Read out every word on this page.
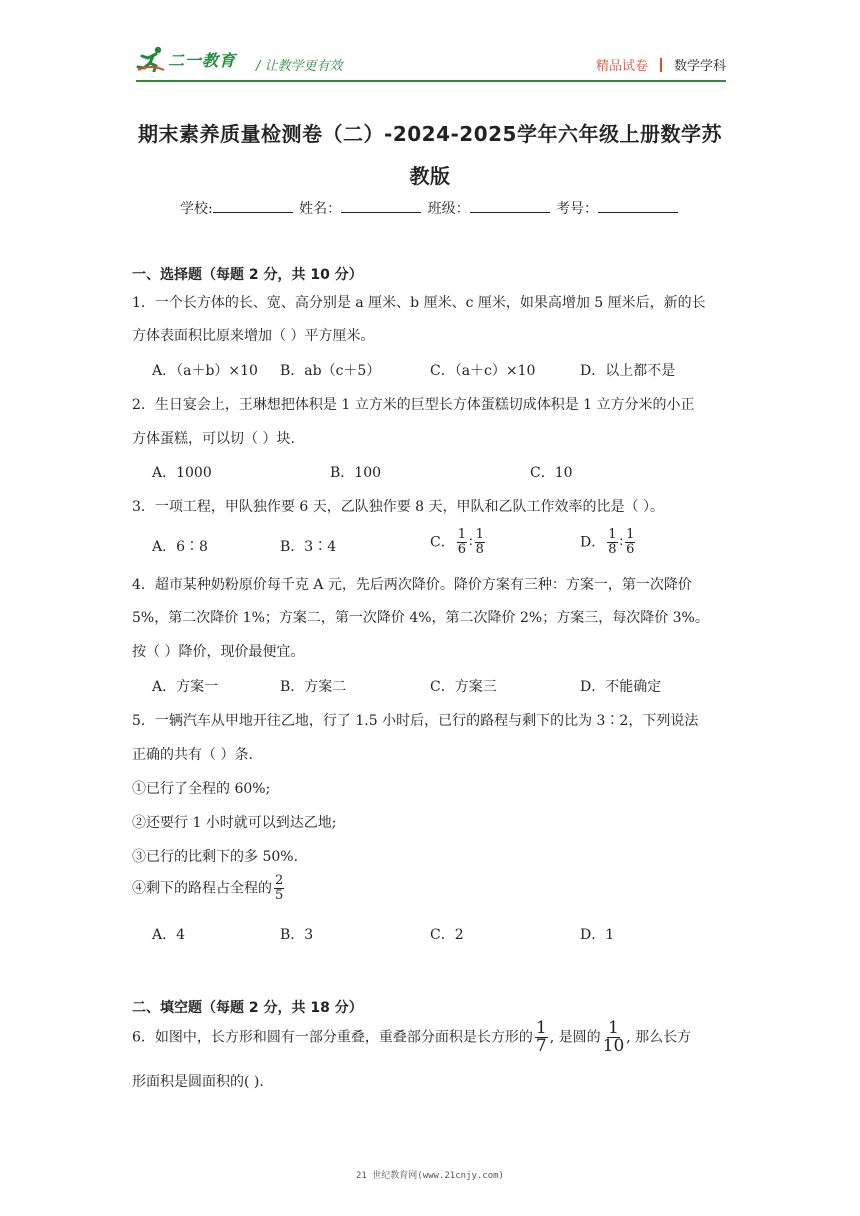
二一教育 / 让教学更有效	精品试卷 数学学科
期末素养质量检测卷（二）-2024-2025学年六年级上册数学苏
教版
学校:	姓名：	班级：	考号：
一、选择题（每题 2 分，共 10 分）
1．一个长方体的长、宽、高分别是 a 厘米、b 厘米、c 厘米，如果高增加 5 厘米后，新的长
方体表面积比原来增加（ ）平方厘米。
A．（a＋b）×10 B．ab（c＋5）	C．（a＋c）×10	D．以上都不是
2．生日宴会上，王琳想把体积是 1 立方米的巨型长方体蛋糕切成体积是 1 立方分米的小正
方体蛋糕，可以切（ ）块.
A．1000	B．100	C．10
3．一项工程，甲队独作要 6 天，乙队独作要 8 天，甲队和乙队工作效率的比是（ ）。
A．6∶8	B．3∶4	C． $\frac{1}{6}$ ∶ $\frac{1}{8}$	D． $\frac{1}{8}$ ∶ $\frac{1}{6}$
4．超市某种奶粉原价每千克 A 元，先后两次降价。降价方案有三种：方案一，第一次降价
5%，第二次降价 1%；方案二，第一次降价 4%，第二次降价 2%；方案三，每次降价 3%。
按（ ）降价，现价最便宜。
A．方案一	B．方案二	C．方案三	D．不能确定
5．一辆汽车从甲地开往乙地，行了 1.5 小时后，已行的路程与剩下的比为 3∶2，下列说法
正确的共有（ ）条.
①已行了全程的 60%;
②还要行 1 小时就可以到达乙地;
③已行的比剩下的多 50%.
④剩下的路程占全程的 $\frac{2}{5}$
A．4	B．3	C．2	D．1
二、填空题（每题 2 分，共 18 分）
6．如图中，长方形和圆有一部分重叠，重叠部分面积是长方形的 $\frac{1}{7}$ , 是圆的 $\frac{1}{10}$ , 那么长方
形面积是圆面积的( ).
21 世纪教育网(www.21cnjy.com)
